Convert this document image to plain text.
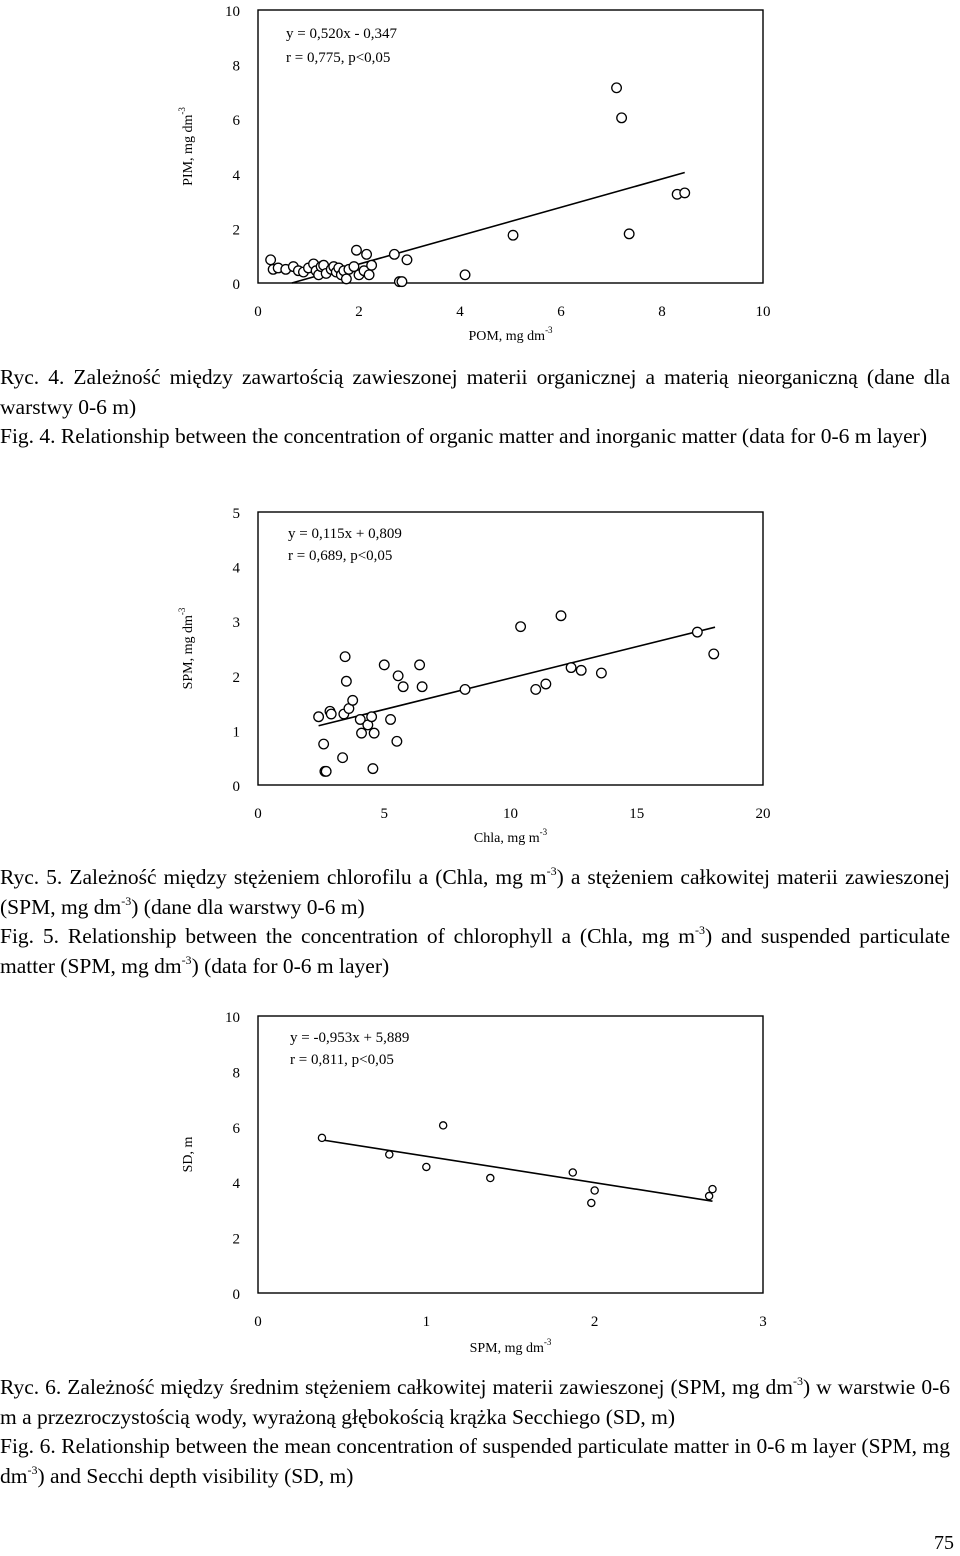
0
2
4
6
8
10
0	2	4	6	8	10
POM, mg $dm^{-3}$
PIM, mg $dm^{-3}$
y = 0,520x - 0,347
r = 0,775, p<0,05

Ryc. 4. Zależność między zawartością zawieszonej materii organicznej a materią nieorganiczną (dane dla warstwy 0-6 m)

Fig. 4. Relationship between the concentration of organic matter and inorganic matter (data for 0-6 m layer)

0
1
2
3
4
5
0	5	10	15	20
Chla, mg $m^{-3}$
SPM, mg $dm^{-3}$
y = 0,115x + 0,809
r = 0,689, p<0,05

Ryc. 5. Zależność między stężeniem chlorofilu a (Chla, mg $m^{-3}$) a stężeniem całkowitej materii zawieszonej (SPM, mg $dm^{-3}$) (dane dla warstwy 0-6 m)

Fig. 5. Relationship between the concentration of chlorophyll a (Chla, mg $m^{-3}$) and suspended particulate matter (SPM, mg $dm^{-3}$) (data for 0-6 m layer)

0
2
4
6
8
10
0	1	2	3
SPM, mg $dm^{-3}$
SD, m
y = -0,953x + 5,889
r = 0,811, p<0,05

Ryc. 6. Zależność między średnim stężeniem całkowitej materii zawieszonej (SPM, mg $dm^{-3}$) w warstwie 0-6 m a przezroczystością wody, wyrażoną głębokością krążka Secchiego (SD, m)

Fig. 6. Relationship between the mean concentration of suspended particulate matter in 0-6 m layer (SPM, mg $dm^{-3}$) and Secchi depth visibility (SD, m)

75
